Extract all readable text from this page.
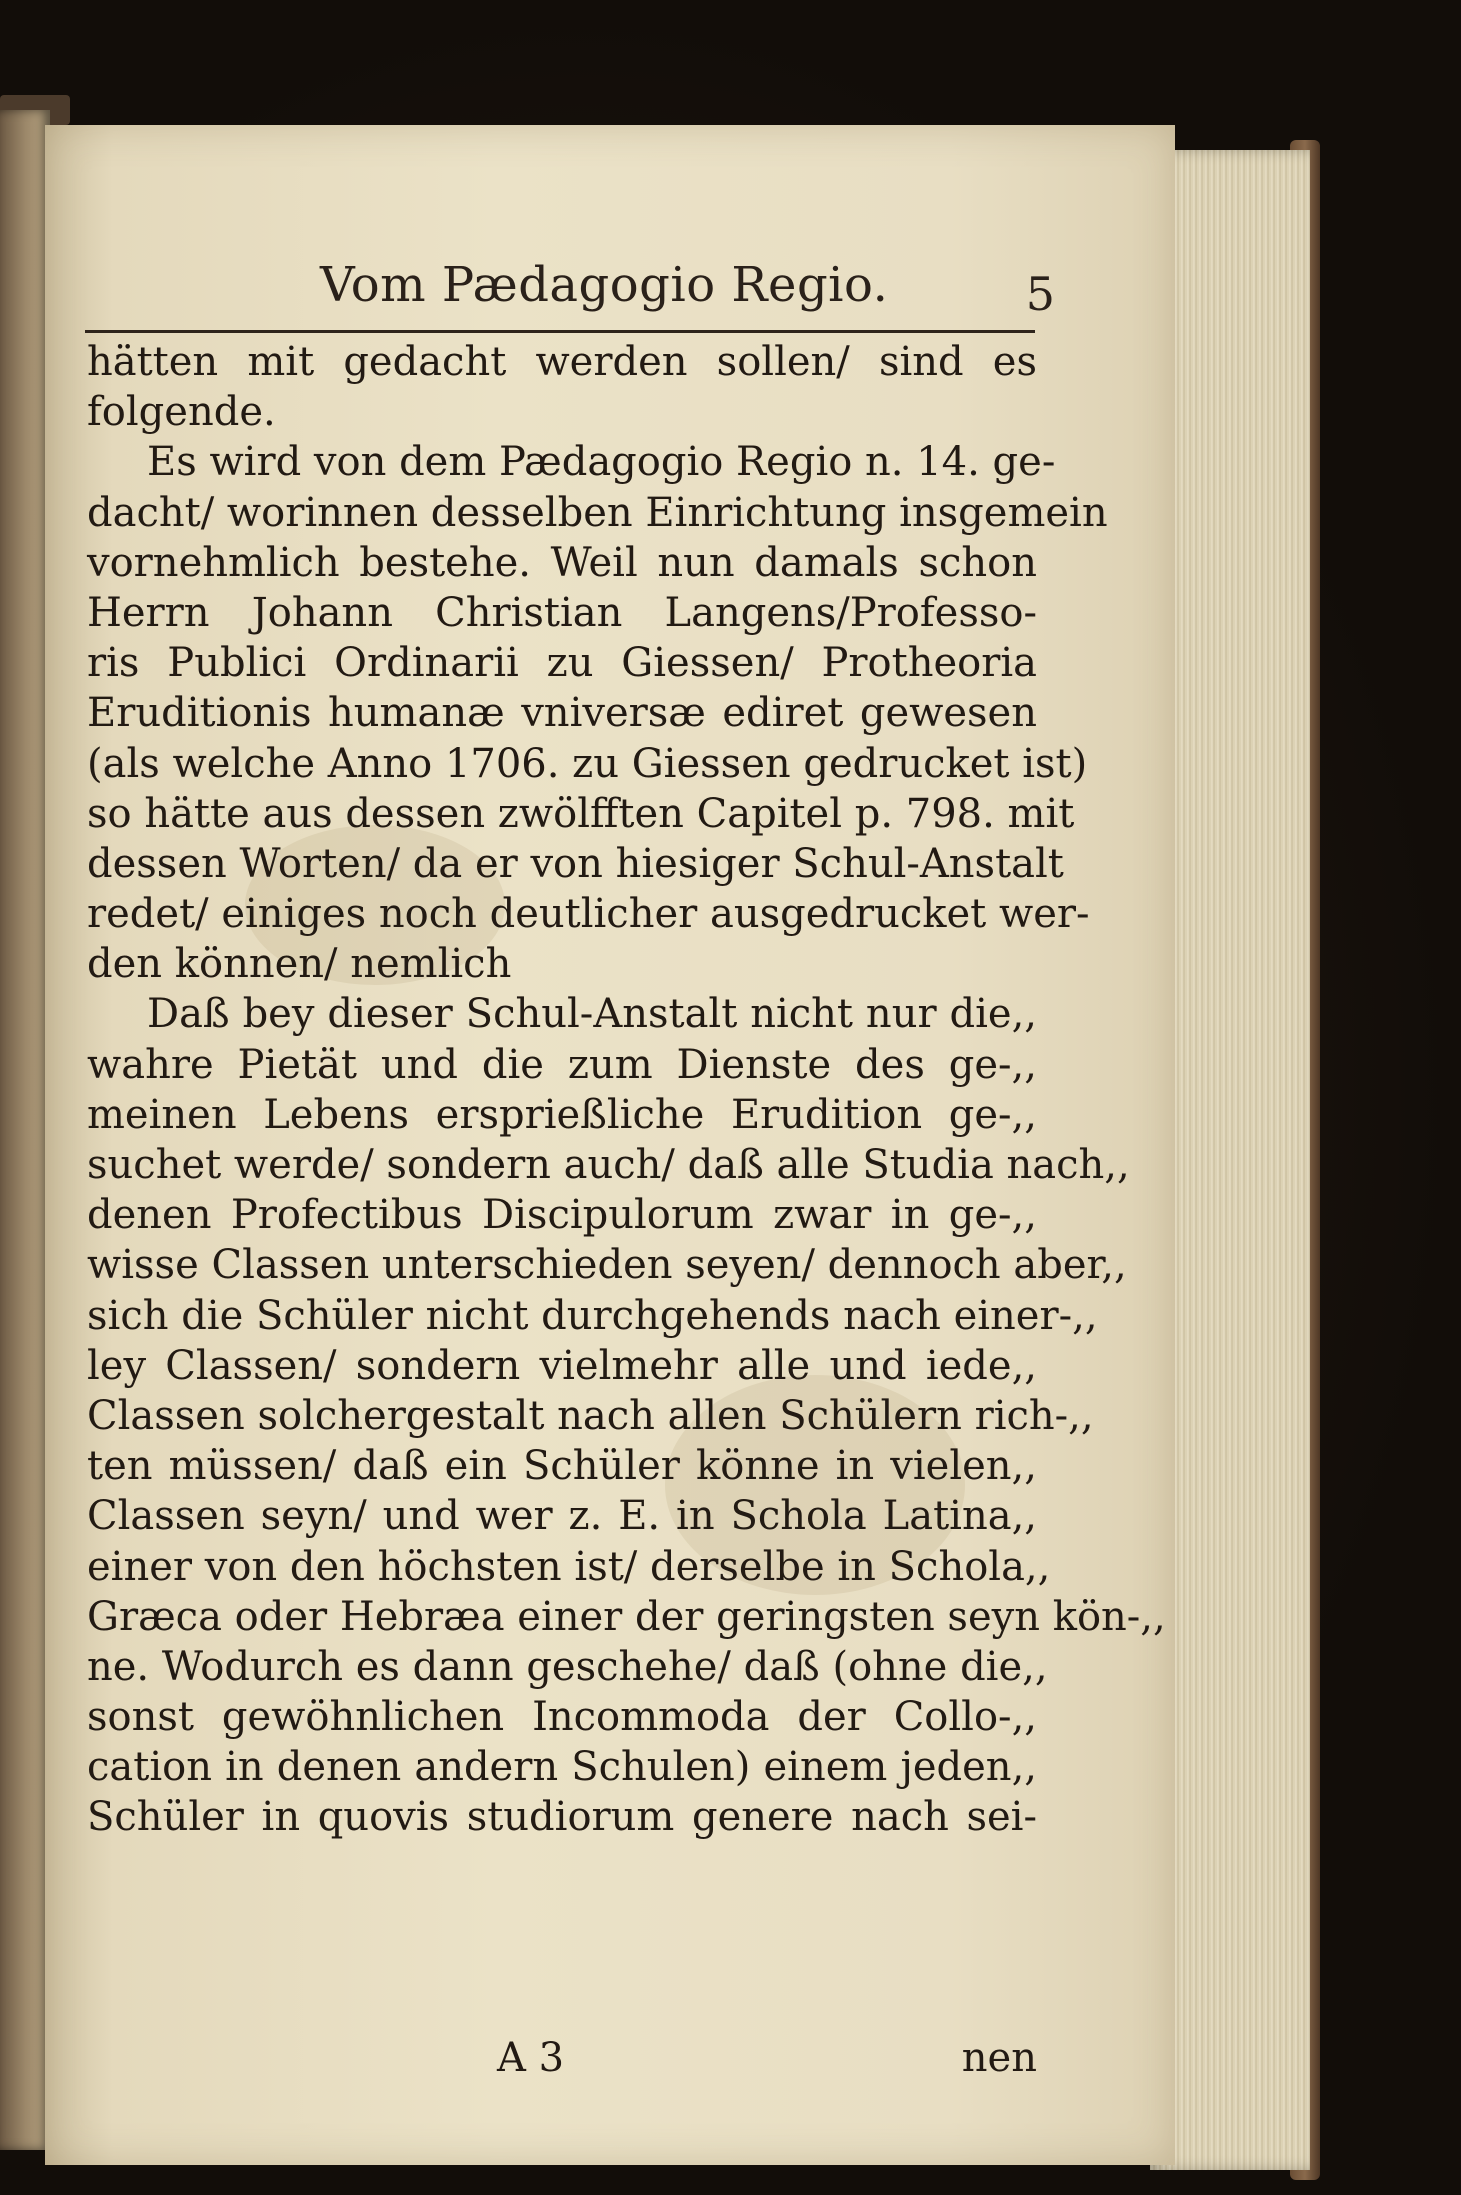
Vom Pædagogio Regio.	5
hätten mit gedacht werden sollen/ sind es
folgende.
Es wird von dem Pædagogio Regio n. 14. ge-
dacht/ worinnen desselben Einrichtung insgemein
vornehmlich bestehe. Weil nun damals schon
Herrn Johann Christian Langens/Professo-
ris Publici Ordinarii zu Giessen/ Protheoria
Eruditionis humanæ vniversæ ediret gewesen
(als welche Anno 1706. zu Giessen gedrucket ist)
so hätte aus dessen zwölfften Capitel p. 798. mit
dessen Worten/ da er von hiesiger Schul-Anstalt
redet/ einiges noch deutlicher ausgedrucket wer-
den können/ nemlich
Daß bey dieser Schul-Anstalt nicht nur die,,
wahre Pietät und die zum Dienste des ge-,,
meinen Lebens ersprießliche Erudition ge-,,
suchet werde/ sondern auch/ daß alle Studia nach,,
denen Profectibus Discipulorum zwar in ge-,,
wisse Classen unterschieden seyen/ dennoch aber,,
sich die Schüler nicht durchgehends nach einer-,,
ley Classen/ sondern vielmehr alle und iede,,
Classen solchergestalt nach allen Schülern rich-,,
ten müssen/ daß ein Schüler könne in vielen,,
Classen seyn/ und wer z. E. in Schola Latina,,
einer von den höchsten ist/ derselbe in Schola,,
Græca oder Hebræa einer der geringsten seyn kön-,,
ne. Wodurch es dann geschehe/ daß (ohne die,,
sonst gewöhnlichen Incommoda der Collo-,,
cation in denen andern Schulen) einem jeden,,
Schüler in quovis studiorum genere nach sei-
A 3	nen
